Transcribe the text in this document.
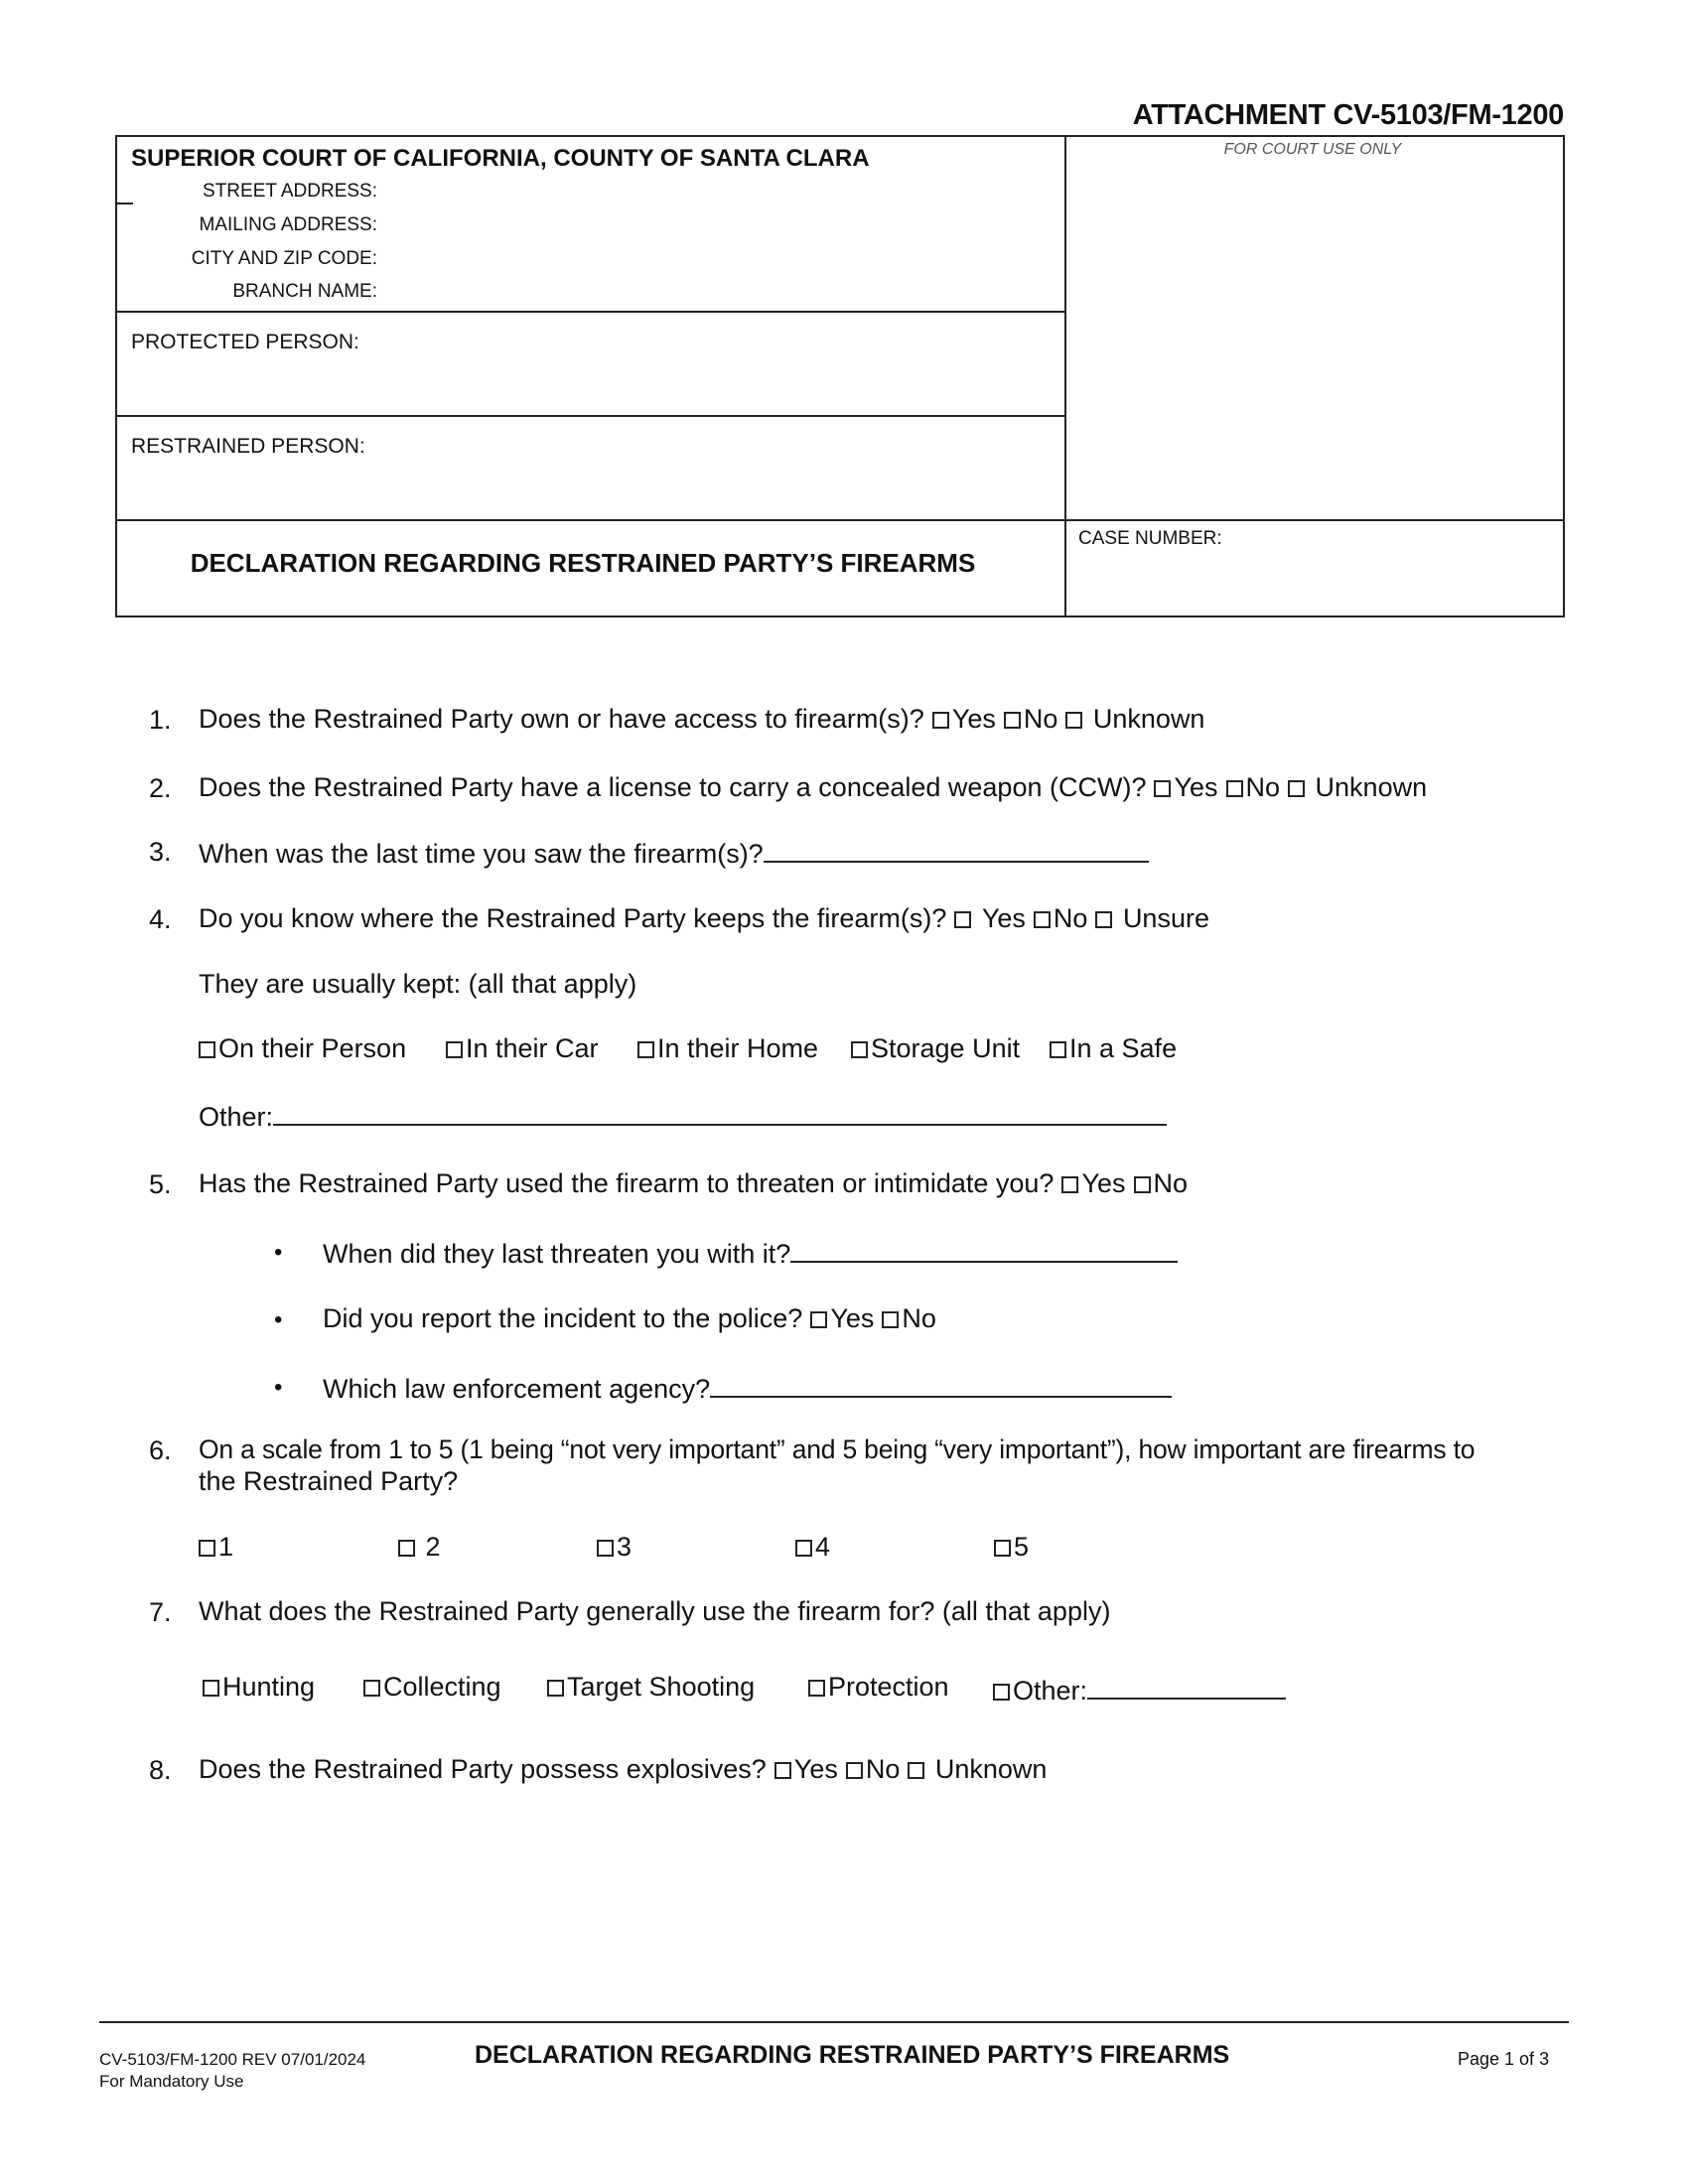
ATTACHMENT CV-5103/FM-1200
SUPERIOR COURT OF CALIFORNIA, COUNTY OF SANTA CLARA
STREET ADDRESS:
MAILING ADDRESS:
CITY AND ZIP CODE:
BRANCH NAME:
FOR COURT USE ONLY
PROTECTED PERSON:
RESTRAINED PERSON:
DECLARATION REGARDING RESTRAINED PARTY’S FIREARMS
CASE NUMBER:
1. Does the Restrained Party own or have access to firearm(s)? Yes No Unknown
2. Does the Restrained Party have a license to carry a concealed weapon (CCW)? Yes No Unknown
3. When was the last time you saw the firearm(s)?
4. Do you know where the Restrained Party keeps the firearm(s)? Yes No Unsure
They are usually kept: (all that apply)
On their Person	In their Car	In their Home	Storage Unit	In a Safe
Other:
5. Has the Restrained Party used the firearm to threaten or intimidate you? Yes No
• When did they last threaten you with it?
• Did you report the incident to the police? Yes No
• Which law enforcement agency?
6. On a scale from 1 to 5 (1 being “not very important” and 5 being “very important”), how important are firearms to
the Restrained Party?
1	2	3	4	5
7. What does the Restrained Party generally use the firearm for? (all that apply)
Hunting	Collecting	Target Shooting	Protection	Other:
8. Does the Restrained Party possess explosives? Yes No Unknown
CV-5103/FM-1200 REV 07/01/2024
For Mandatory Use
DECLARATION REGARDING RESTRAINED PARTY’S FIREARMS	Page 1 of 3
